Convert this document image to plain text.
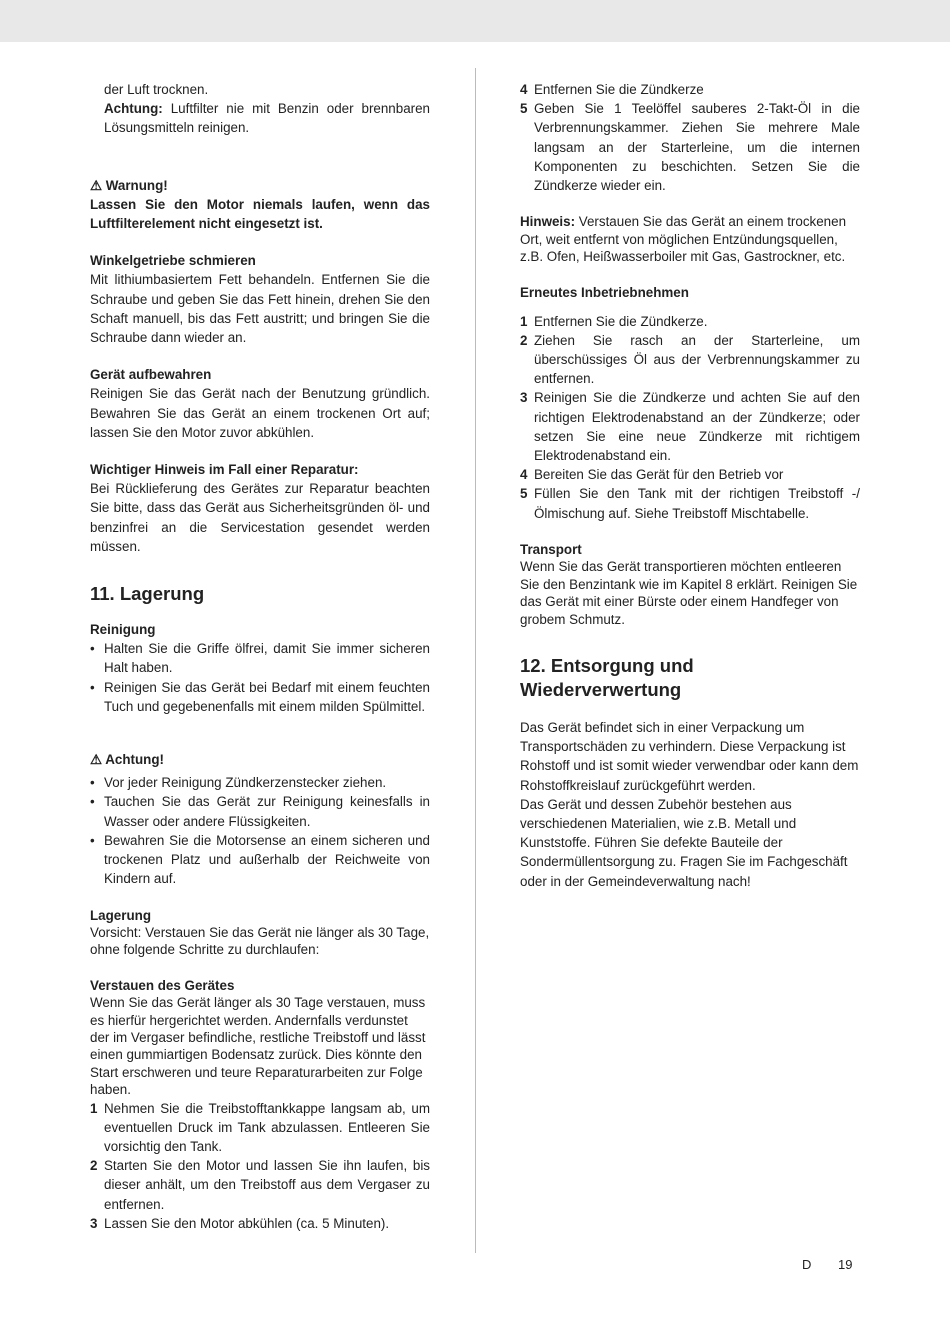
der Luft trocknen.

Achtung: Luftfilter nie mit Benzin oder brennbaren Lösungsmitteln reinigen.

⚠ Warnung!

Lassen Sie den Motor niemals laufen, wenn das Luftfilterelement nicht eingesetzt ist.

Winkelgetriebe schmieren

Mit lithiumbasiertem Fett behandeln. Entfernen Sie die Schraube und geben Sie das Fett hinein, drehen Sie den Schaft manuell, bis das Fett austritt; und bringen Sie die Schraube dann wieder an.

Gerät aufbewahren

Reinigen Sie das Gerät nach der Benutzung gründlich. Bewahren Sie das Gerät an einem trockenen Ort auf; lassen Sie den Motor zuvor abkühlen.

Wichtiger Hinweis im Fall einer Reparatur:

Bei Rücklieferung des Gerätes zur Reparatur beachten Sie bitte, dass das Gerät aus Sicherheitsgründen öl- und benzinfrei an die Servicestation gesendet werden müssen.

11. Lagerung

Reinigung

• Halten Sie die Griffe ölfrei, damit Sie immer sicheren Halt haben.
• Reinigen Sie das Gerät bei Bedarf mit einem feuchten Tuch und gegebenenfalls mit einem milden Spülmittel.

⚠ Achtung!

• Vor jeder Reinigung Zündkerzenstecker ziehen.
• Tauchen Sie das Gerät zur Reinigung keinesfalls in Wasser oder andere Flüssigkeiten.
• Bewahren Sie die Motorsense an einem sicheren und trockenen Platz und außerhalb der Reichweite von Kindern auf.

Lagerung

Vorsicht: Verstauen Sie das Gerät nie länger als 30 Tage, ohne folgende Schritte zu durchlaufen:

Verstauen des Gerätes

Wenn Sie das Gerät länger als 30 Tage verstauen, muss es hierfür hergerichtet werden. Andernfalls verdunstet der im Vergaser befindliche, restliche Treibstoff und lässt einen gummiartigen Bodensatz zurück. Dies könnte den Start erschweren und teure Reparaturarbeiten zur Folge haben.

1 Nehmen Sie die Treibstofftankkappe langsam ab, um eventuellen Druck im Tank abzulassen. Entleeren Sie vorsichtig den Tank.
2 Starten Sie den Motor und lassen Sie ihn laufen, bis dieser anhält, um den Treibstoff aus dem Vergaser zu entfernen.
3 Lassen Sie den Motor abkühlen (ca. 5 Minuten).
4 Entfernen Sie die Zündkerze
5 Geben Sie 1 Teelöffel sauberes 2-Takt-Öl in die Verbrennungskammer. Ziehen Sie mehrere Male langsam an der Starterleine, um die internen Komponenten zu beschichten. Setzen Sie die Zündkerze wieder ein.

Hinweis: Verstauen Sie das Gerät an einem trockenen Ort, weit entfernt von möglichen Entzündungsquellen, z.B. Ofen, Heißwasserboiler mit Gas, Gastrockner, etc.

Erneutes Inbetriebnehmen

1 Entfernen Sie die Zündkerze.
2 Ziehen Sie rasch an der Starterleine, um überschüssiges Öl aus der Verbrennungskammer zu entfernen.
3 Reinigen Sie die Zündkerze und achten Sie auf den richtigen Elektrodenabstand an der Zündkerze; oder setzen Sie eine neue Zündkerze mit richtigem Elektrodenabstand ein.
4 Bereiten Sie das Gerät für den Betrieb vor
5 Füllen Sie den Tank mit der richtigen Treibstoff -/ Ölmischung auf. Siehe Treibstoff Mischtabelle.

Transport

Wenn Sie das Gerät transportieren möchten entleeren Sie den Benzintank wie im Kapitel 8 erklärt. Reinigen Sie das Gerät mit einer Bürste oder einem Handfeger von grobem Schmutz.

12. Entsorgung und Wiederverwertung

Das Gerät befindet sich in einer Verpackung um Transportschäden zu verhindern. Diese Verpackung ist Rohstoff und ist somit wieder verwendbar oder kann dem Rohstoffkreislauf zurückgeführt werden.

Das Gerät und dessen Zubehör bestehen aus verschiedenen Materialien, wie z.B. Metall und Kunststoffe. Führen Sie defekte Bauteile der Sondermüllentsorgung zu. Fragen Sie im Fachgeschäft oder in der Gemeindeverwaltung nach!

D 19
